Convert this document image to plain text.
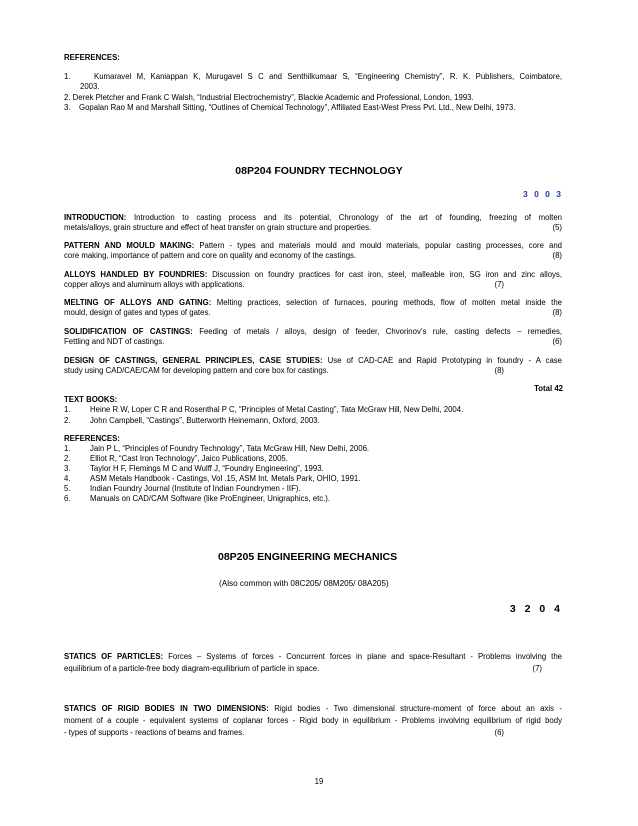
REFERENCES:
1.	Kumaravel M, Kaniappan K, Murugavel S C and Senthilkumaar S, “Engineering Chemistry”, R. K. Publishers, Coimbatore,
2003.
2. Derek Pletcher and Frank C Walsh, “Industrial Electrochemistry”, Blackie Academic and Professional, London, 1993.
3. Gopalan Rao M and Marshall Sitting, “Outlines of Chemical Technology”, Affiliated East-West Press Pvt. Ltd., New Delhi, 1973.
08P204 FOUNDRY TECHNOLOGY
3 0 0 3
INTRODUCTION: Introduction to casting process and its potential, Chronology of the art of founding, freezing of molten
metals/alloys, grain structure and effect of heat transfer on grain structure and properties.	(5)
PATTERN AND MOULD MAKING: Pattern - types and materials mould and mould materials, popular casting processes, core and
core making, importance of pattern and core on quality and economy of the castings.	(8)
ALLOYS HANDLED BY FOUNDRIES: Discussion on foundry practices for cast iron, steel, malleable iron, SG iron and zinc alloys,
copper alloys and aluminum alloys with applications.	(7)
MELTING OF ALLOYS AND GATING: Melting practices, selection of furnaces, pouring methods, flow of molten metal inside the
mould, design of gates and types of gates.	(8)
SOLIDIFICATION OF CASTINGS: Feeding of metals / alloys, design of feeder, Chvorinov’s rule, casting defects – remedies,
Fettling and NDT of castings.	(6)
DESIGN OF CASTINGS, GENERAL PRINCIPLES, CASE STUDIES: Use of CAD-CAE and Rapid Prototyping in foundry - A case
study using CAD/CAE/CAM for developing pattern and core box for castings.	(8)
Total 42
TEXT BOOKS:
1. Heine R W, Loper C R and Rosenthal P C, “Principles of Metal Casting”, Tata McGraw Hill, New Delhi, 2004.
2. John Campbell, “Castings”, Butterworth Heinemann, Oxford, 2003.
REFERENCES:
1. Jain P L, “Principles of Foundry Technology”, Tata McGraw Hill, New Delhi, 2006.
2. Elliot R, “Cast Iron Technology”, Jaico Publications, 2005.
3. Taylor H F, Flemings M C and Wulff J, “Foundry Engineering”, 1993.
4. ASM Metals Handbook - Castings, Vol .15, ASM Int. Metals Park, OHIO, 1991.
5. Indian Foundry Journal (Institute of Indian Foundrymen - IIF).
6. Manuals on CAD/CAM Software (like ProEngineer, Unigraphics, etc.).
08P205 ENGINEERING MECHANICS
(Also common with 08C205/ 08M205/ 08A205)
3 2 0 4
STATICS OF PARTICLES: Forces – Systems of forces - Concurrent forces in plane and space-Resultant - Problems involving the
equilibrium of a particle-free body diagram-equilibrium of particle in space.	(7)
STATICS OF RIGID BODIES IN TWO DIMENSIONS: Rigid bodies - Two dimensional structure-moment of force about an axis -
moment of a couple - equivalent systems of coplanar forces - Rigid body in equilibrium - Problems involving equilibrium of rigid body
- types of supports - reactions of beams and frames.	(6)
19
